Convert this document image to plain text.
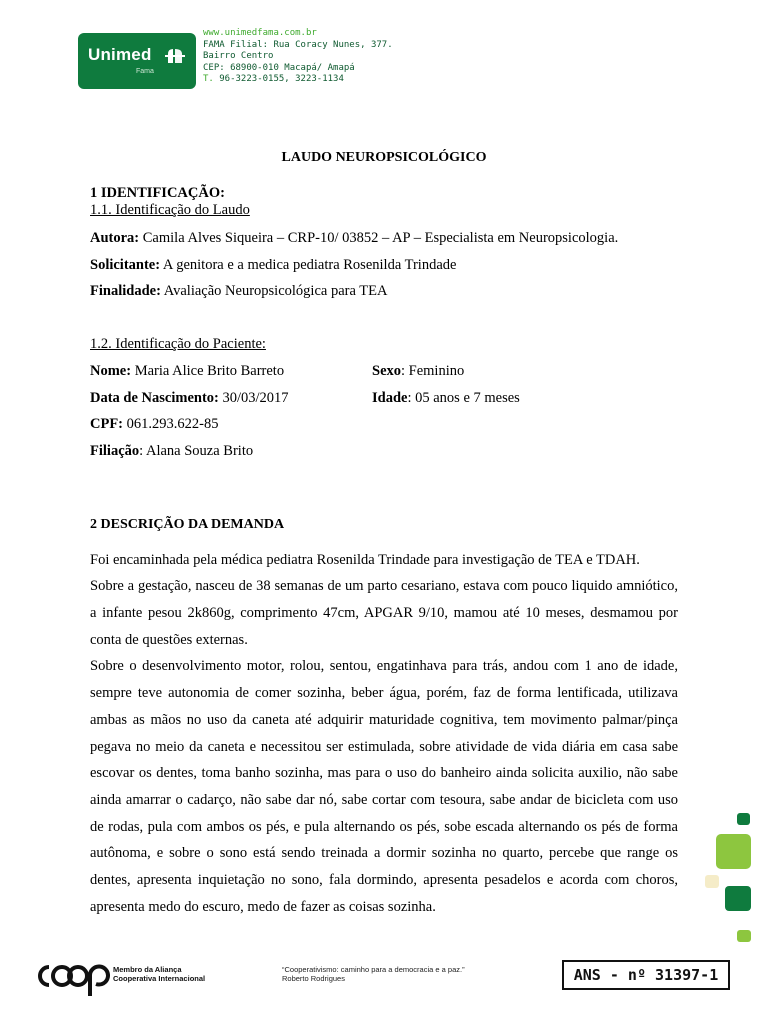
Unimed
Fama
www.unimedfama.com.br
FAMA Filial: Rua Coracy Nunes, 377.
Bairro Centro
CEP: 68900-010 Macapá/ Amapá
T. 96-3223-0155, 3223-1134

LAUDO NEUROPSICOLÓGICO

1 IDENTIFICAÇÃO:

1.1. Identificação do Laudo

Autora: Camila Alves Siqueira – CRP-10/ 03852 – AP – Especialista em Neuropsicologia.

Solicitante: A genitora e a medica pediatra Rosenilda Trindade

Finalidade: Avaliação Neuropsicológica para TEA

1.2. Identificação do Paciente:

Nome: Maria Alice Brito Barreto	Sexo: Feminino
Data de Nascimento: 30/03/2017	Idade: 05 anos e 7 meses

CPF: 061.293.622-85

Filiação: Alana Souza Brito

2 DESCRIÇÃO DA DEMANDA

Foi encaminhada pela médica pediatra Rosenilda Trindade para investigação de TEA e TDAH.

Sobre a gestação, nasceu de 38 semanas de um parto cesariano, estava com pouco liquido amniótico, a infante pesou 2k860g, comprimento 47cm, APGAR 9/10, mamou até 10 meses, desmamou por conta de questões externas.

Sobre o desenvolvimento motor, rolou, sentou, engatinhava para trás, andou com 1 ano de idade, sempre teve autonomia de comer sozinha, beber água, porém, faz de forma lentificada, utilizava ambas as mãos no uso da caneta até adquirir maturidade cognitiva, tem movimento palmar/pinça pegava no meio da caneta e necessitou ser estimulada, sobre atividade de vida diária em casa sabe escovar os dentes, toma banho sozinha, mas para o uso do banheiro ainda solicita auxilio, não sabe ainda amarrar o cadarço, não sabe dar nó, sabe cortar com tesoura, sabe andar de bicicleta com uso de rodas, pula com ambos os pés, e pula alternando os pés, sobe escada alternando os pés de forma autônoma, e sobre o sono está sendo treinada a dormir sozinha no quarto, percebe que range os dentes, apresenta inquietação no sono, fala dormindo, apresenta pesadelos e acorda com choros, apresenta medo do escuro, medo de fazer as coisas sozinha.

Membro da Aliança
Cooperativa Internacional
“Cooperativismo: caminho para a democracia e a paz.”
Roberto Rodrigues	ANS - nº 31397-1
